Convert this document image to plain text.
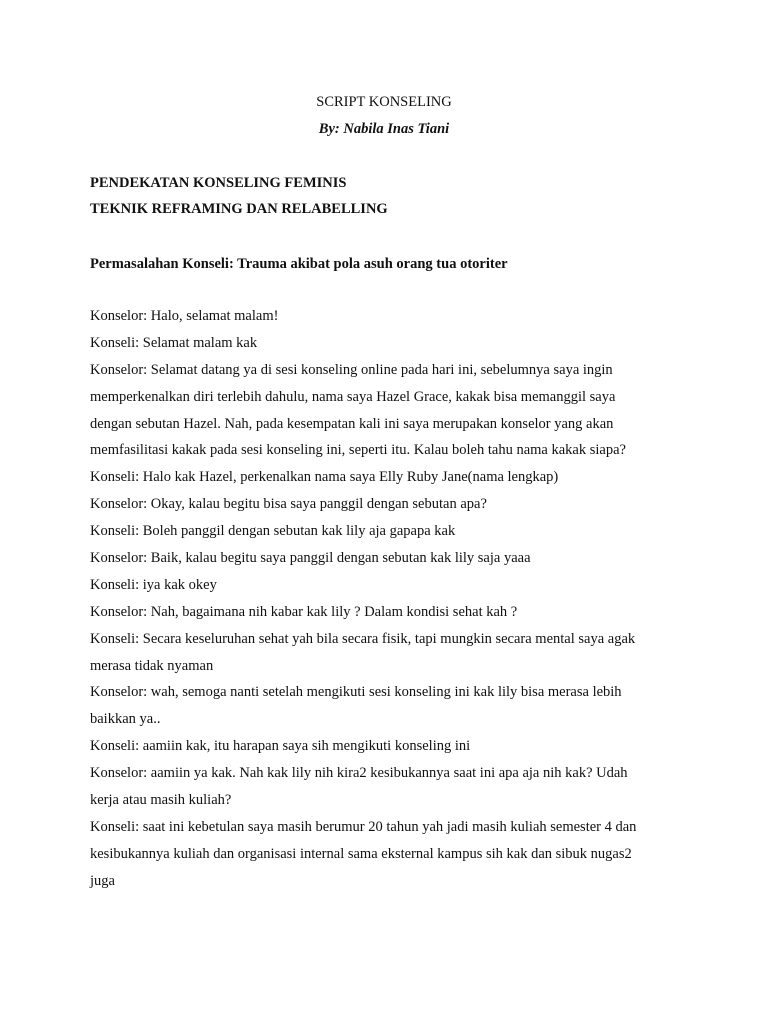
SCRIPT KONSELING
By: Nabila Inas Tiani
PENDEKATAN KONSELING FEMINIS
TEKNIK REFRAMING DAN RELABELLING
Permasalahan Konseli: Trauma akibat pola asuh orang tua otoriter
Konselor: Halo, selamat malam!
Konseli: Selamat malam kak
Konselor: Selamat datang ya di sesi konseling online pada hari ini, sebelumnya saya ingin
memperkenalkan diri terlebih dahulu, nama saya Hazel Grace, kakak bisa memanggil saya
dengan sebutan Hazel. Nah, pada kesempatan kali ini saya merupakan konselor yang akan
memfasilitasi kakak pada sesi konseling ini, seperti itu. Kalau boleh tahu nama kakak siapa?
Konseli: Halo kak Hazel, perkenalkan nama saya Elly Ruby Jane(nama lengkap)
Konselor: Okay, kalau begitu bisa saya panggil dengan sebutan apa?
Konseli: Boleh panggil dengan sebutan kak lily aja gapapa kak
Konselor: Baik, kalau begitu saya panggil dengan sebutan kak lily saja yaaa
Konseli: iya kak okey
Konselor: Nah, bagaimana nih kabar kak lily ? Dalam kondisi sehat kah ?
Konseli: Secara keseluruhan sehat yah bila secara fisik, tapi mungkin secara mental saya agak
merasa tidak nyaman
Konselor: wah, semoga nanti setelah mengikuti sesi konseling ini kak lily bisa merasa lebih
baikkan ya..
Konseli: aamiin kak, itu harapan saya sih mengikuti konseling ini
Konselor: aamiin ya kak. Nah kak lily nih kira2 kesibukannya saat ini apa aja nih kak? Udah
kerja atau masih kuliah?
Konseli: saat ini kebetulan saya masih berumur 20 tahun yah jadi masih kuliah semester 4 dan
kesibukannya kuliah dan organisasi internal sama eksternal kampus sih kak dan sibuk nugas2
juga
